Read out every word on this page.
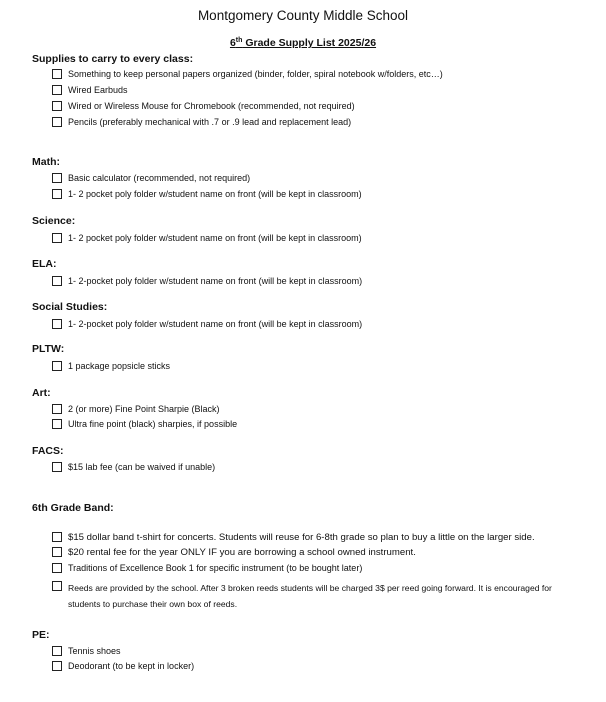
Montgomery County Middle School
6th Grade Supply List 2025/26
Supplies to carry to every class:
Something to keep personal papers organized (binder, folder, spiral notebook w/folders, etc…)
Wired Earbuds
Wired or Wireless Mouse for Chromebook (recommended, not required)
Pencils (preferably mechanical with .7 or .9 lead and replacement lead)
Math:
Basic calculator (recommended, not required)
1- 2 pocket poly folder w/student name on front (will be kept in classroom)
Science:
1- 2 pocket poly folder w/student name on front (will be kept in classroom)
ELA:
1- 2-pocket poly folder w/student name on front (will be kept in classroom)
Social Studies:
1- 2-pocket poly folder w/student name on front (will be kept in classroom)
PLTW:
1 package popsicle sticks
Art:
2 (or more) Fine Point Sharpie (Black)
Ultra fine point (black) sharpies, if possible
FACS:
$15 lab fee (can be waived if unable)
6th Grade Band:
$15 dollar band t-shirt for concerts. Students will reuse for 6-8th grade so plan to buy a little on the larger side.
$20 rental fee for the year ONLY IF you are borrowing a school owned instrument.
Traditions of Excellence Book 1 for specific instrument (to be bought later)
Reeds are provided by the school. After 3 broken reeds students will be charged 3$ per reed going forward. It is encouraged for students to purchase their own box of reeds.
PE:
Tennis shoes
Deodorant (to be kept in locker)
